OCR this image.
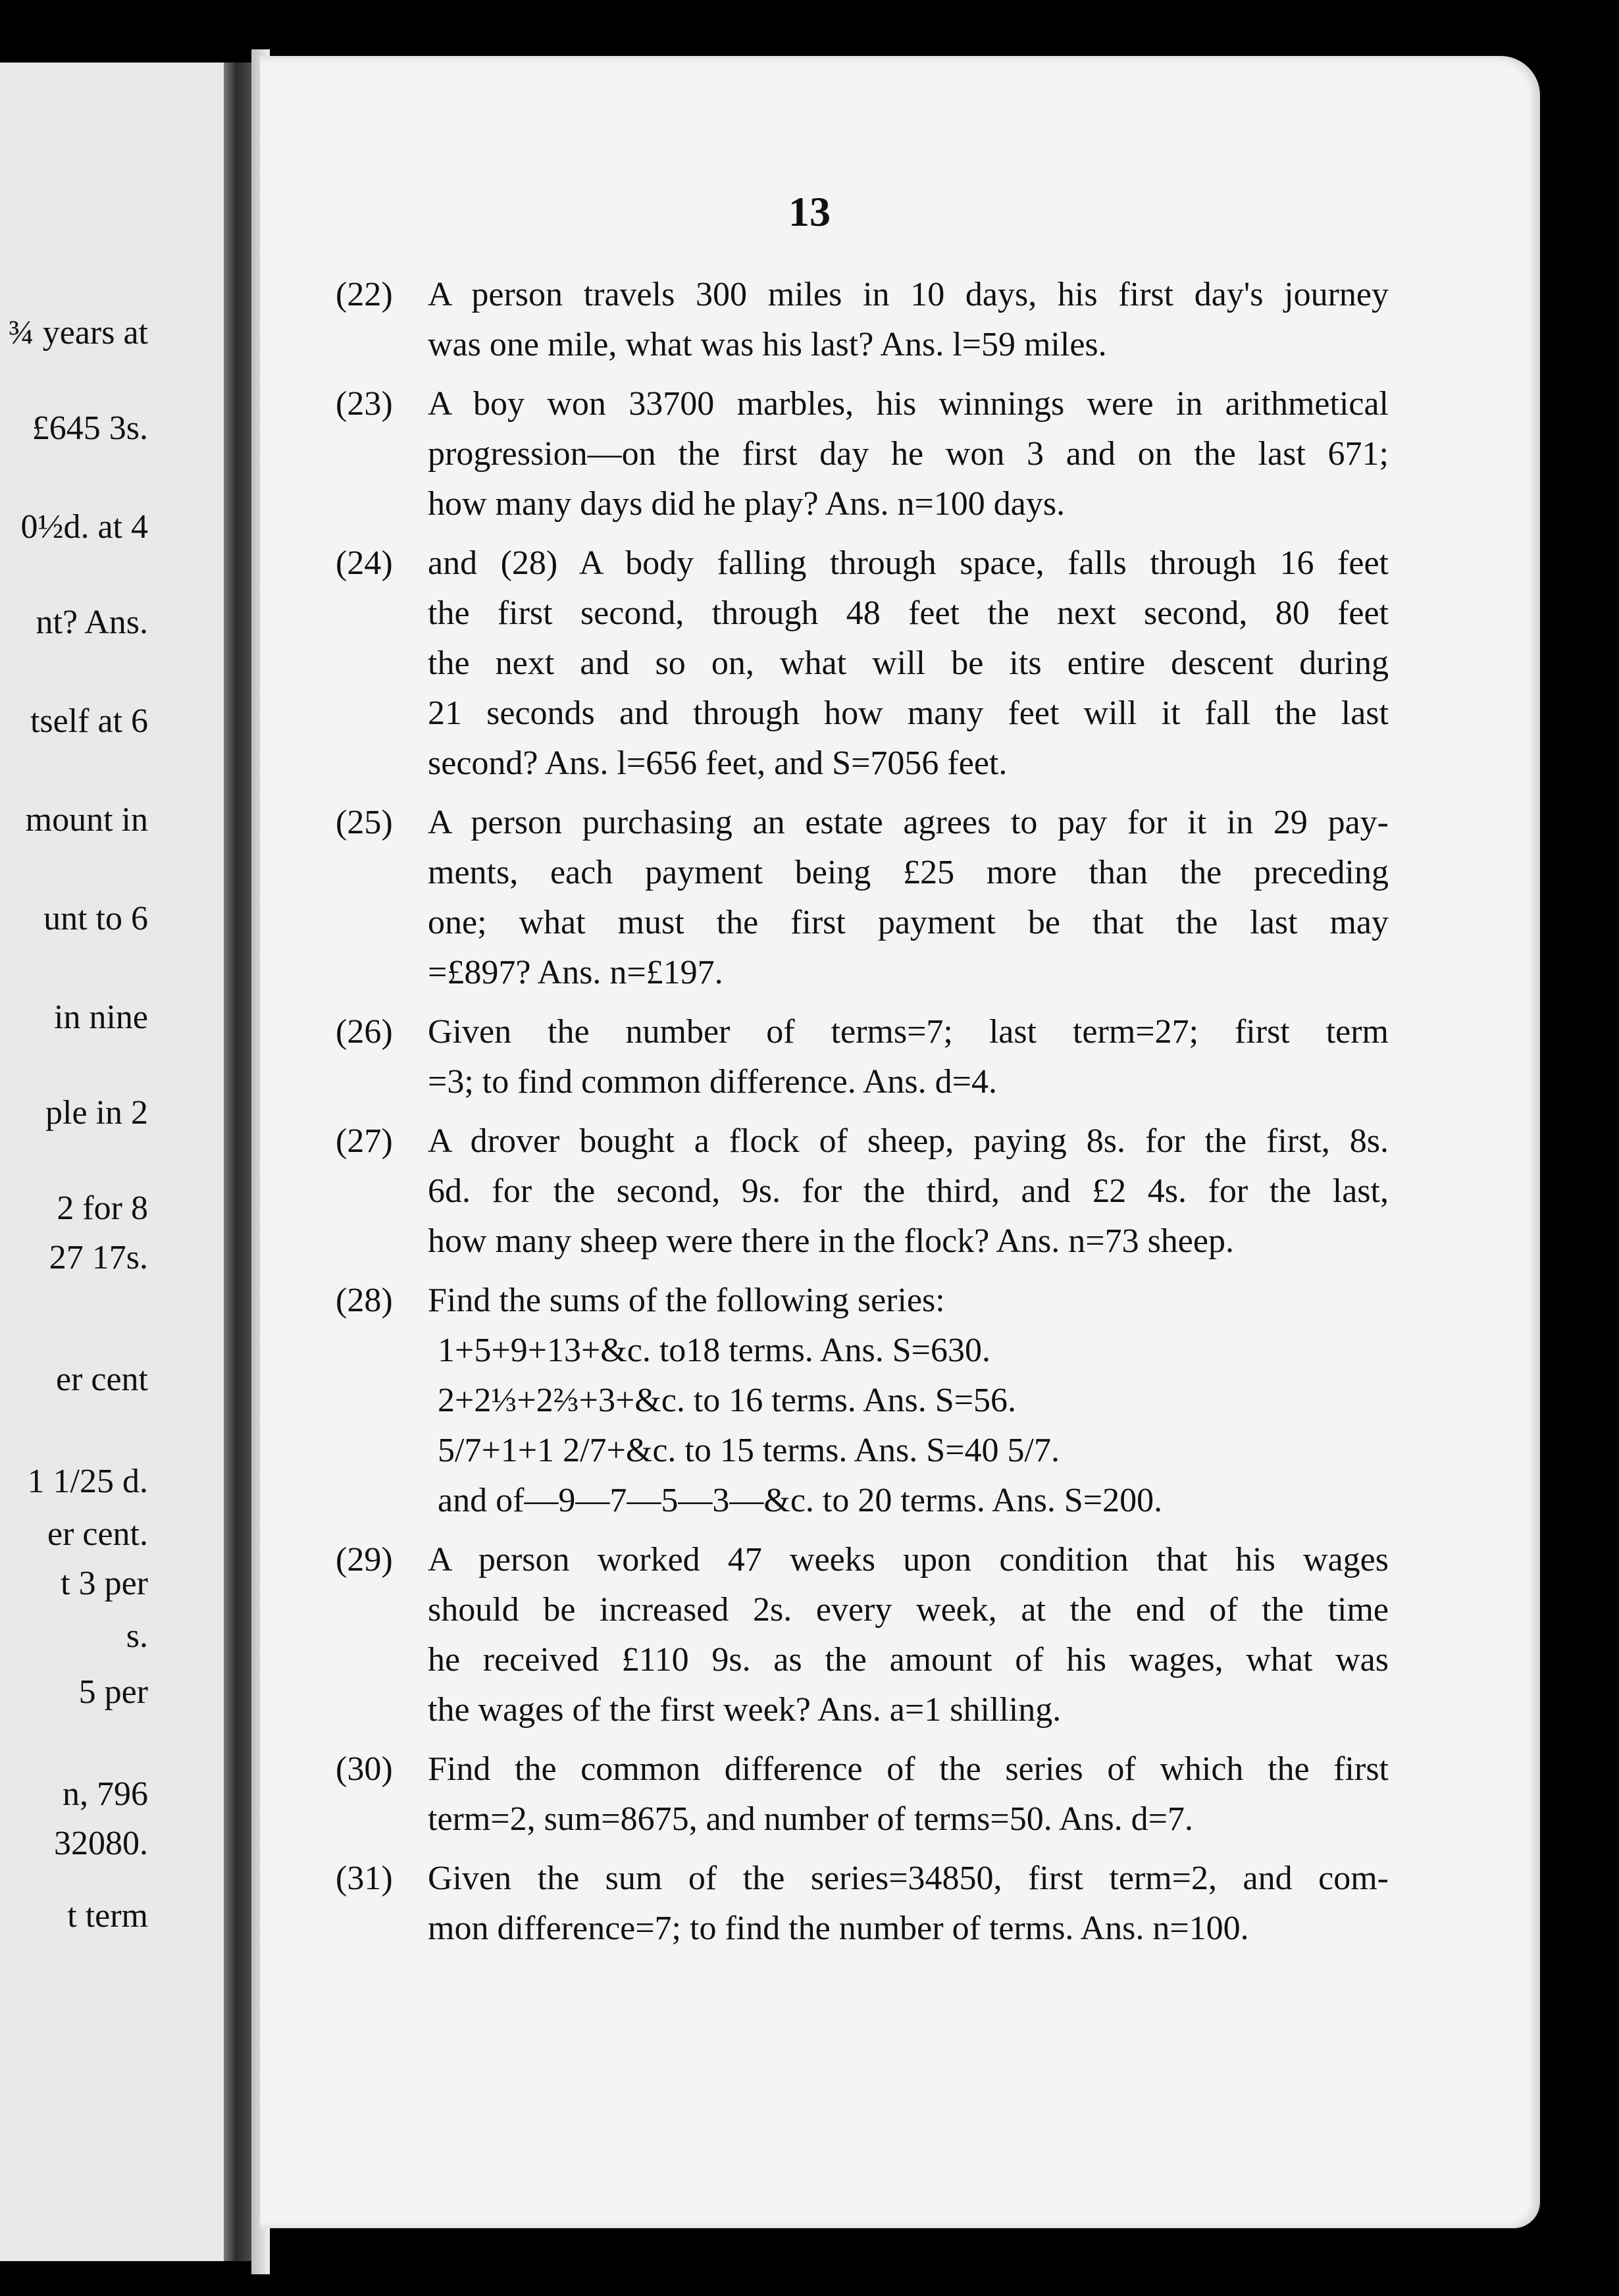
¾ years at
£645 3s.
0½d. at 4
nt? Ans.
tself at 6
mount in
unt to 6
in nine
ple in 2
2 for 8
27 17s.
er cent
1 1/25 d.
er cent.
t 3 per
s.
5 per
n, 796
32080.
t term
13
(22)	A person travels 300 miles in 10 days, his first day's journey
was one mile, what was his last? Ans. l=59 miles.
(23)	A boy won 33700 marbles, his winnings were in arithmetical
progression—on the first day he won 3 and on the last 671;
how many days did he play? Ans. n=100 days.
(24)	and (28) A body falling through space, falls through 16 feet
the first second, through 48 feet the next second, 80 feet
the next and so on, what will be its entire descent during
21 seconds and through how many feet will it fall the last
second? Ans. l=656 feet, and S=7056 feet.
(25)	A person purchasing an estate agrees to pay for it in 29 pay-
ments, each payment being £25 more than the preceding
one; what must the first payment be that the last may
=£897? Ans. n=£197.
(26)	Given the number of terms=7; last term=27; first term
=3; to find common difference. Ans. d=4.
(27)	A drover bought a flock of sheep, paying 8s. for the first, 8s.
6d. for the second, 9s. for the third, and £2 4s. for the last,
how many sheep were there in the flock? Ans. n=73 sheep.
(28)	Find the sums of the following series:
1+5+9+13+&c. to18 terms. Ans. S=630.
2+2⅓+2⅔+3+&c. to 16 terms. Ans. S=56.
5/7+1+1 2/7+&c. to 15 terms. Ans. S=40 5/7.
and of—9—7—5—3—&c. to 20 terms. Ans. S=200.
(29)	A person worked 47 weeks upon condition that his wages
should be increased 2s. every week, at the end of the time
he received £110 9s. as the amount of his wages, what was
the wages of the first week? Ans. a=1 shilling.
(30)	Find the common difference of the series of which the first
term=2, sum=8675, and number of terms=50. Ans. d=7.
(31)	Given the sum of the series=34850, first term=2, and com-
mon difference=7; to find the number of terms. Ans. n=100.
